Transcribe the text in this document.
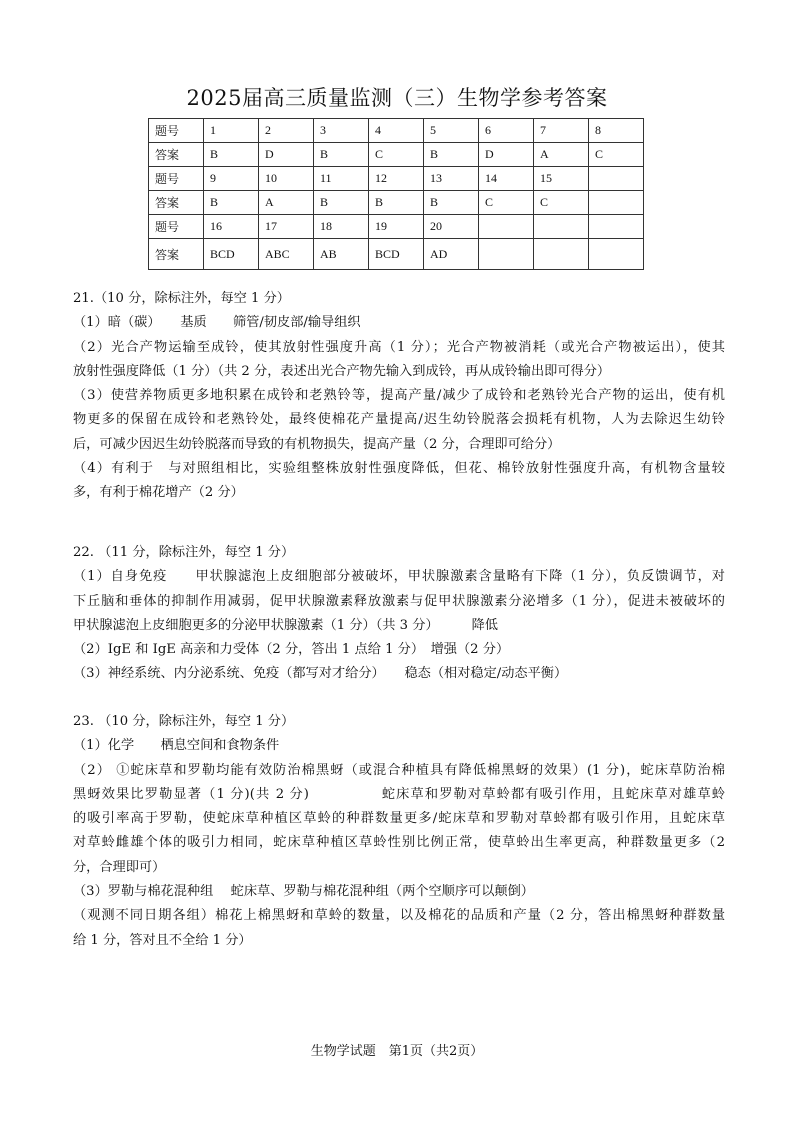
2025届高三质量监测（三）生物学参考答案
题号	1	2	3	4	5	6	7	8
答案	B	D	B	C	B	D	A	C
题号	9	10	11	12	13	14	15	
答案	B	A	B	B	B	C	C	
题号	16	17	18	19	20			
答案	BCD	ABC	AB	BCD	AD			
21.（10 分，除标注外，每空 1 分）
（1）暗（碳）　　基质　　筛管/韧皮部/输导组织
（2）光合产物运输至成铃，使其放射性强度升高（1 分）；光合产物被消耗（或光合产物被运出），使其
放射性强度降低（1 分）（共 2 分，表述出光合产物先输入到成铃，再从成铃输出即可得分）
（3）使营养物质更多地积累在成铃和老熟铃等，提高产量/减少了成铃和老熟铃光合产物的运出，使有机
物更多的保留在成铃和老熟铃处，最终使棉花产量提高/迟生幼铃脱落会损耗有机物，人为去除迟生幼铃
后，可减少因迟生幼铃脱落而导致的有机物损失，提高产量（2 分，合理即可给分）
（4）有利于　与对照组相比，实验组整株放射性强度降低，但花、棉铃放射性强度升高，有机物含量较
多，有利于棉花增产（2 分）
22. （11 分，除标注外，每空 1 分）
（1）自身免疫　　甲状腺滤泡上皮细胞部分被破坏，甲状腺激素含量略有下降（1 分），负反馈调节，对
下丘脑和垂体的抑制作用减弱，促甲状腺激素释放激素与促甲状腺激素分泌增多（1 分），促进未被破坏的
甲状腺滤泡上皮细胞更多的分泌甲状腺激素（1 分）（共 3 分）　　　降低
（2）IgE 和 IgE 高亲和力受体（2 分，答出 1 点给 1 分）　增强（2 分）
（3）神经系统、内分泌系统、免疫（都写对才给分）　　稳态（相对稳定/动态平衡）
23. （10 分，除标注外，每空 1 分）
（1）化学　　栖息空间和食物条件
（2） ①蛇床草和罗勒均能有效防治棉黑蚜（或混合种植具有降低棉黑蚜的效果）(1 分)，蛇床草防治棉
黑蚜效果比罗勒显著（1 分)(共 2 分)　　　　　蛇床草和罗勒对草蛉都有吸引作用，且蛇床草对雄草蛉
的吸引率高于罗勒，使蛇床草种植区草蛉的种群数量更多/蛇床草和罗勒对草蛉都有吸引作用，且蛇床草
对草蛉雌雄个体的吸引力相同，蛇床草种植区草蛉性别比例正常，使草蛉出生率更高，种群数量更多（2
分，合理即可）
（3）罗勒与棉花混种组　 蛇床草、罗勒与棉花混种组（两个空顺序可以颠倒）
（观测不同日期各组）棉花上棉黑蚜和草蛉的数量，以及棉花的品质和产量（2 分，答出棉黑蚜种群数量
给 1 分，答对且不全给 1 分）
生物学试题　第1页（共2页）
